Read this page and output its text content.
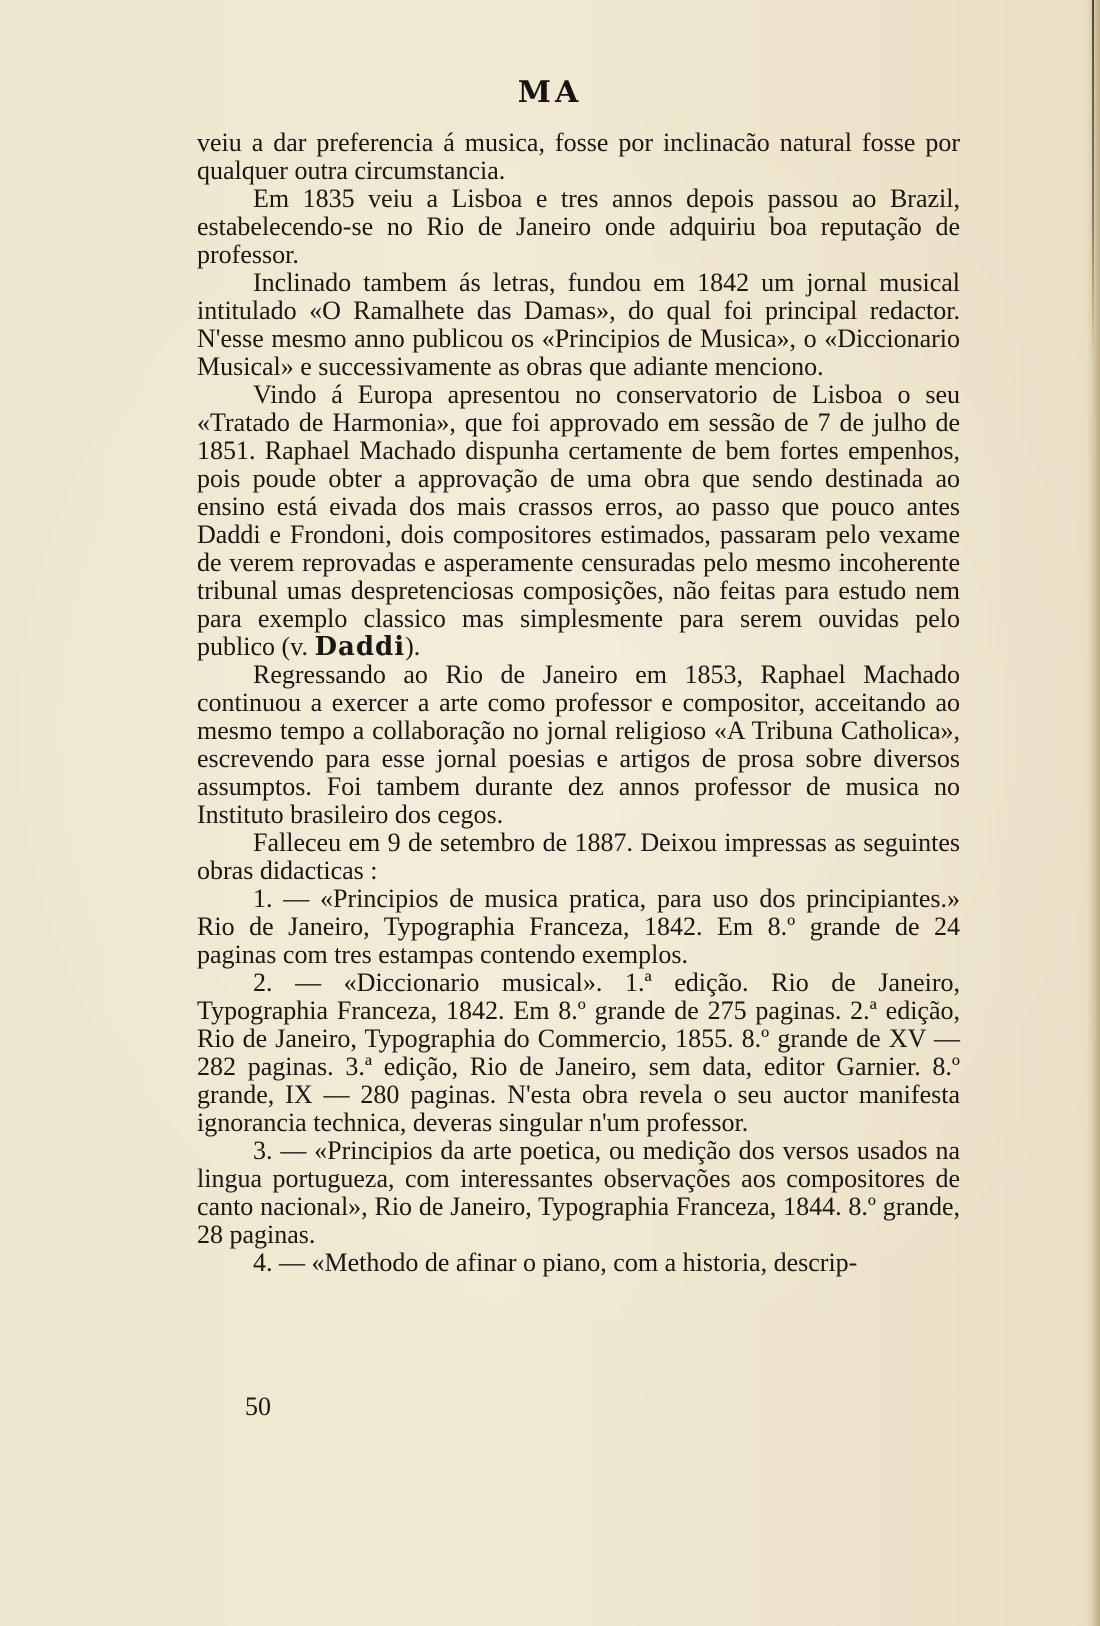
MA

veiu a dar preferencia á musica, fosse por inclinacão natural fosse por qualquer outra circumstancia.

Em 1835 veiu a Lisboa e tres annos depois passou ao Brazil, estabelecendo-se no Rio de Janeiro onde adquiriu boa reputação de professor.

Inclinado tambem ás letras, fundou em 1842 um jornal musical intitulado «O Ramalhete das Damas», do qual foi principal redactor. N'esse mesmo anno publicou os «Principios de Musica», o «Diccionario Musical» e successivamente as obras que adiante menciono.

Vindo á Europa apresentou no conservatorio de Lisboa o seu «Tratado de Harmonia», que foi approvado em sessão de 7 de julho de 1851. Raphael Machado dispunha certamente de bem fortes empenhos, pois poude obter a approvação de uma obra que sendo destinada ao ensino está eivada dos mais crassos erros, ao passo que pouco antes Daddi e Frondoni, dois compositores estimados, passaram pelo vexame de verem reprovadas e asperamente censuradas pelo mesmo incoherente tribunal umas despretenciosas composições, não feitas para estudo nem para exemplo classico mas simplesmente para serem ouvidas pelo publico (v. Daddi).

Regressando ao Rio de Janeiro em 1853, Raphael Machado continuou a exercer a arte como professor e compositor, acceitando ao mesmo tempo a collaboração no jornal religioso «A Tribuna Catholica», escrevendo para esse jornal poesias e artigos de prosa sobre diversos assumptos. Foi tambem durante dez annos professor de musica no Instituto brasileiro dos cegos.

Falleceu em 9 de setembro de 1887. Deixou impressas as seguintes obras didacticas :

1. — «Principios de musica pratica, para uso dos principiantes.» Rio de Janeiro, Typographia Franceza, 1842. Em 8.º grande de 24 paginas com tres estampas contendo exemplos.

2. — «Diccionario musical». 1.ª edição. Rio de Janeiro, Typographia Franceza, 1842. Em 8.º grande de 275 paginas. 2.ª edição, Rio de Janeiro, Typographia do Commercio, 1855. 8.º grande de XV — 282 paginas. 3.ª edição, Rio de Janeiro, sem data, editor Garnier. 8.º grande, IX — 280 paginas. N'esta obra revela o seu auctor manifesta ignorancia technica, deveras singular n'um professor.

3. — «Principios da arte poetica, ou medição dos versos usados na lingua portugueza, com interessantes observações aos compositores de canto nacional», Rio de Janeiro, Typographia Franceza, 1844. 8.º grande, 28 paginas.

4. — «Methodo de afinar o piano, com a historia, descrip-

50
